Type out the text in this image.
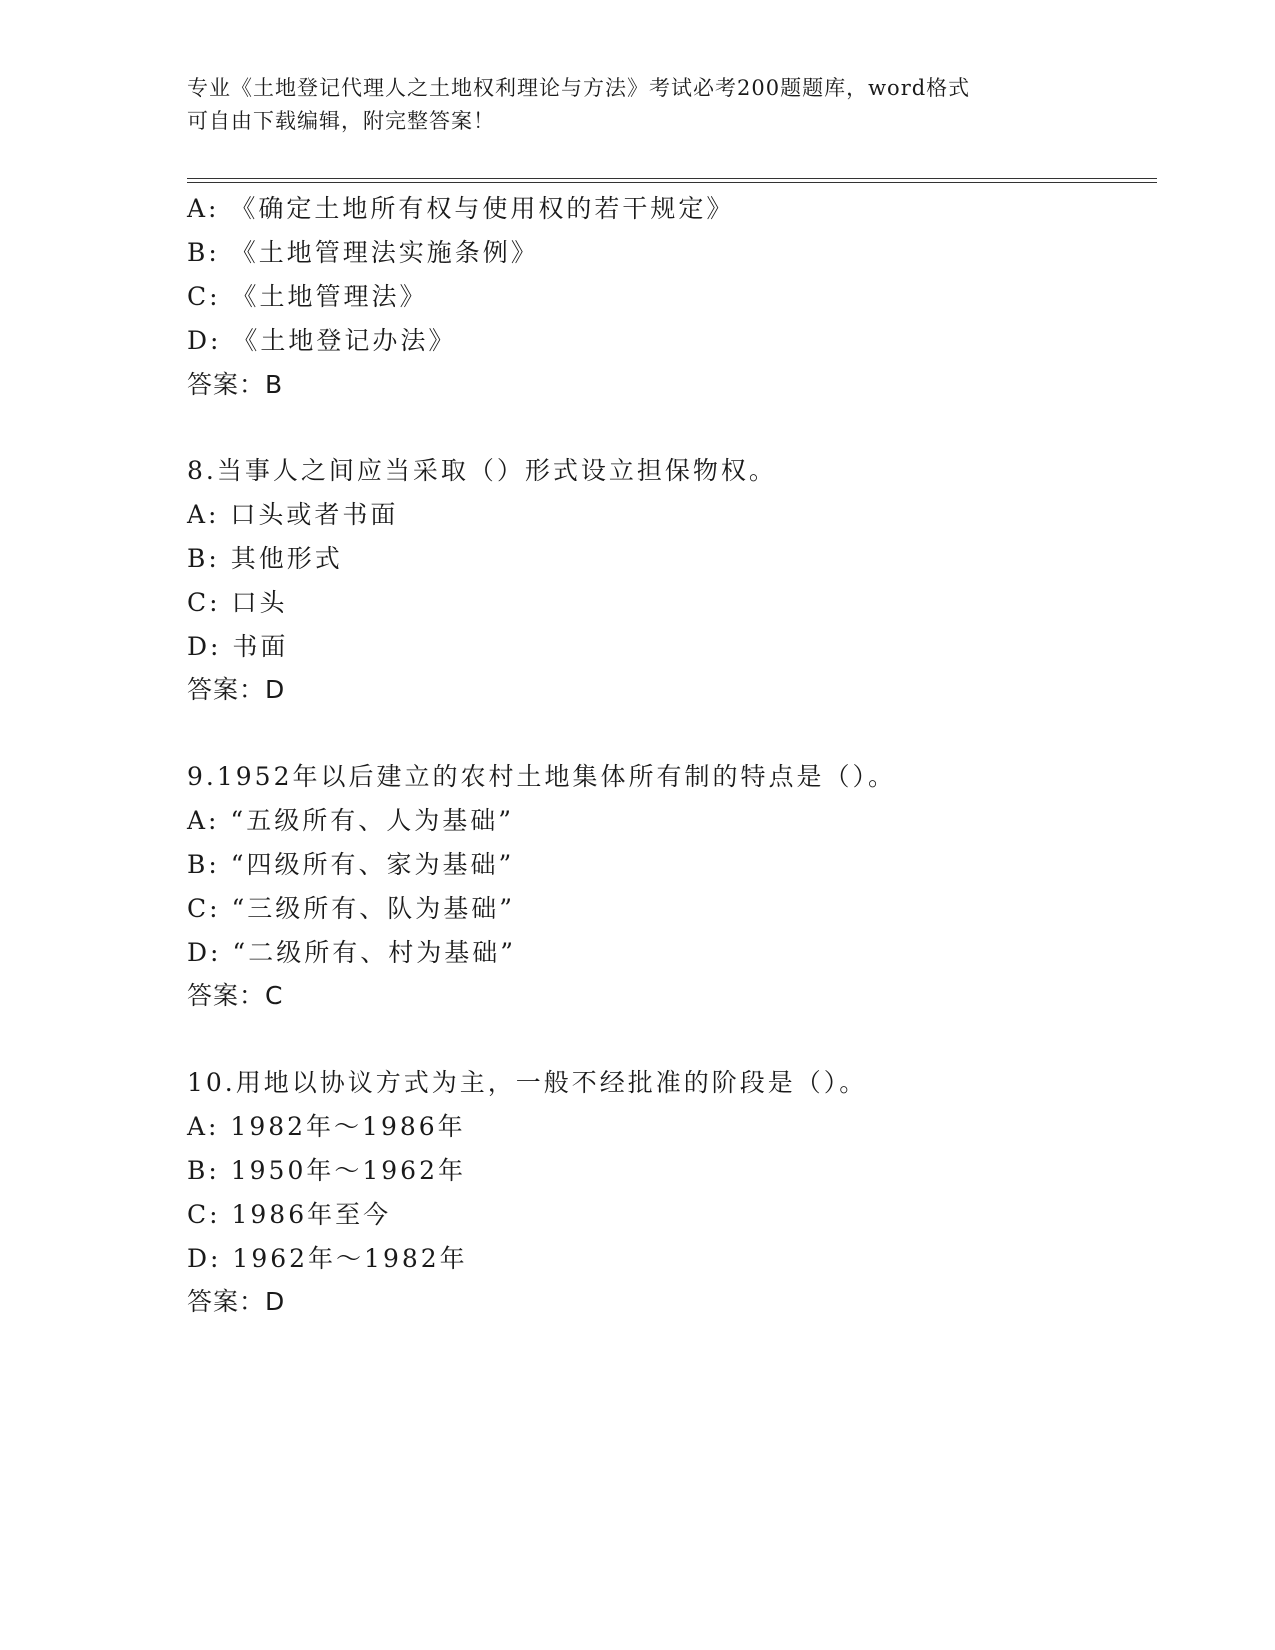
专业《土地登记代理人之土地权利理论与方法》考试必考200题题库，word格式
可自由下载编辑，附完整答案！
A: 《确定土地所有权与使用权的若干规定》
B: 《土地管理法实施条例》
C: 《土地管理法》
D: 《土地登记办法》
答案：B
8.当事人之间应当采取（）形式设立担保物权。
A: 口头或者书面
B: 其他形式
C: 口头
D: 书面
答案：D
9.1952年以后建立的农村土地集体所有制的特点是（）。
A: “五级所有、人为基础”
B: “四级所有、家为基础”
C: “三级所有、队为基础”
D: “二级所有、村为基础”
答案：C
10.用地以协议方式为主，一般不经批准的阶段是（）。
A: 1982年～1986年
B: 1950年～1962年
C: 1986年至今
D: 1962年～1982年
答案：D
